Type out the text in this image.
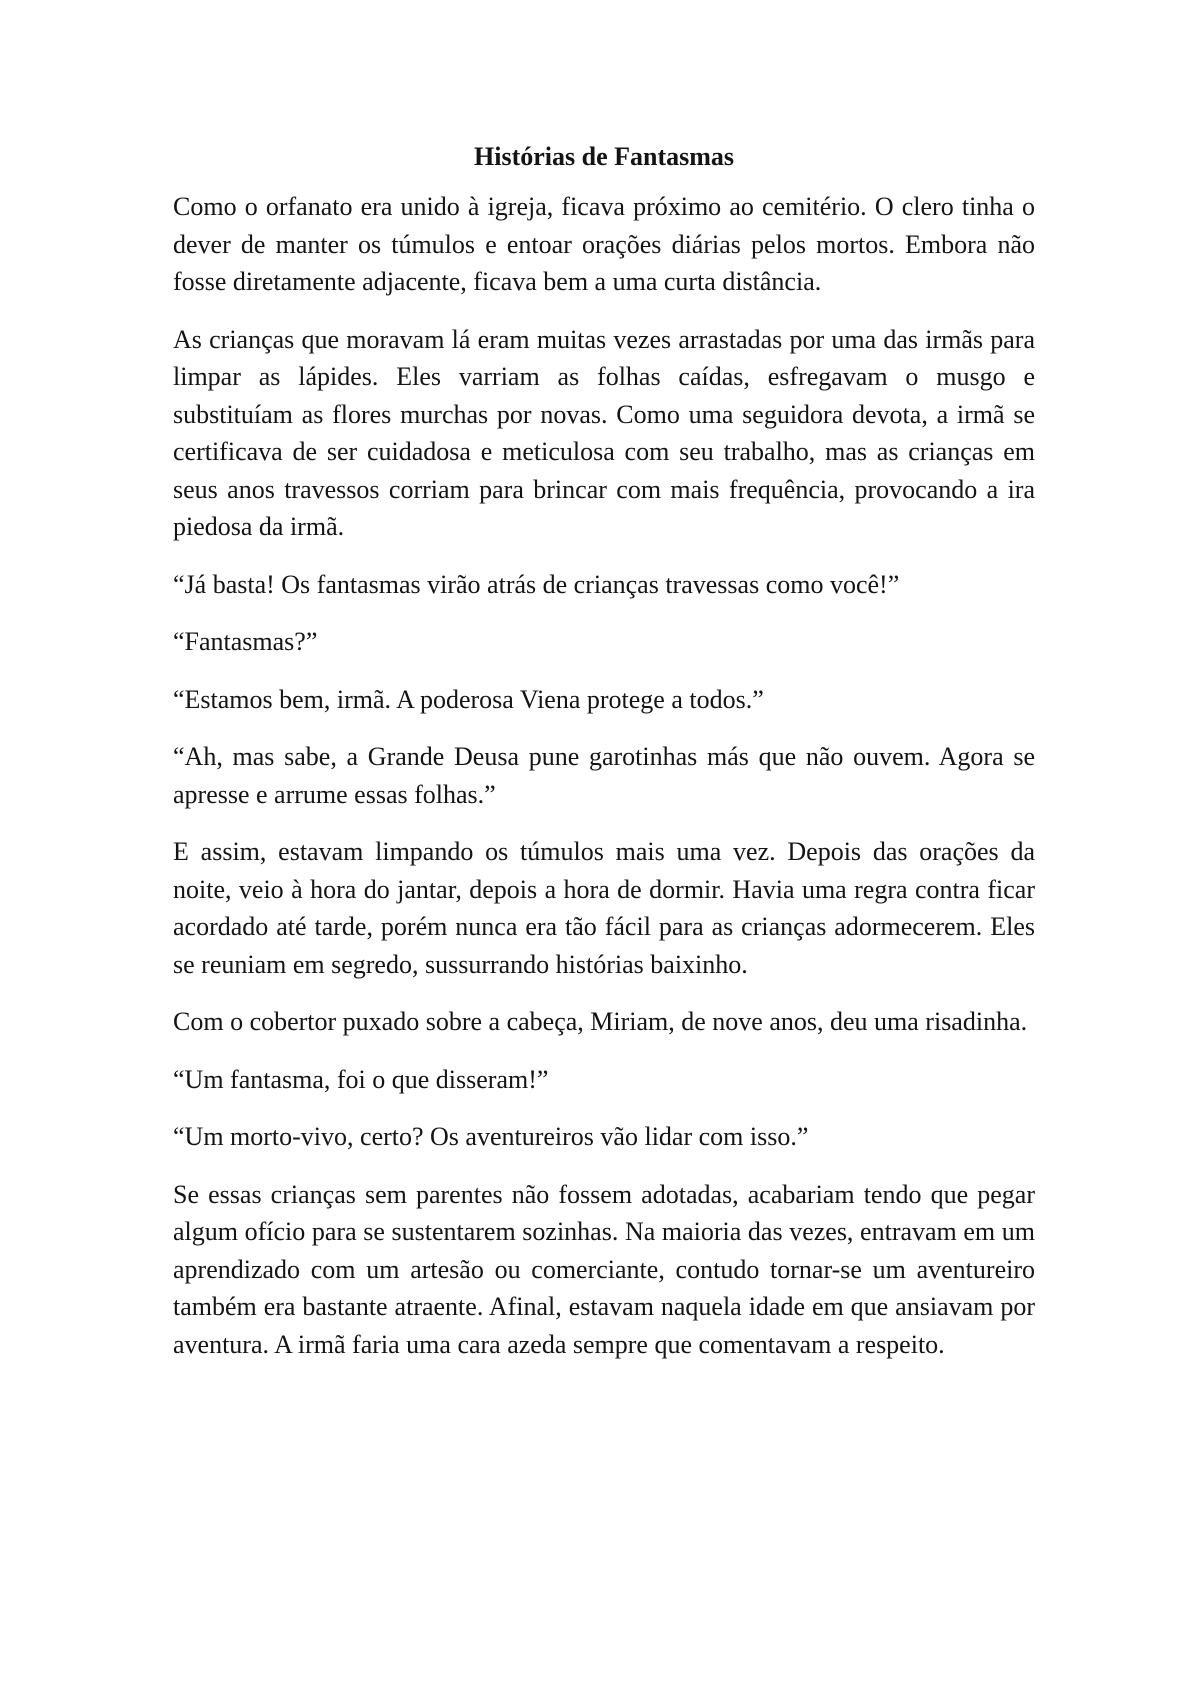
Histórias de Fantasmas

Como o orfanato era unido à igreja, ficava próximo ao cemitério. O clero tinha o dever de manter os túmulos e entoar orações diárias pelos mortos. Embora não fosse diretamente adjacente, ficava bem a uma curta distância.

As crianças que moravam lá eram muitas vezes arrastadas por uma das irmãs para limpar as lápides. Eles varriam as folhas caídas, esfregavam o musgo e substituíam as flores murchas por novas. Como uma seguidora devota, a irmã se certificava de ser cuidadosa e meticulosa com seu trabalho, mas as crianças em seus anos travessos corriam para brincar com mais frequência, provocando a ira piedosa da irmã.

“Já basta! Os fantasmas virão atrás de crianças travessas como você!”

“Fantasmas?”

“Estamos bem, irmã. A poderosa Viena protege a todos.”

“Ah, mas sabe, a Grande Deusa pune garotinhas más que não ouvem. Agora se apresse e arrume essas folhas.”

E assim, estavam limpando os túmulos mais uma vez. Depois das orações da noite, veio à hora do jantar, depois a hora de dormir. Havia uma regra contra ficar acordado até tarde, porém nunca era tão fácil para as crianças adormecerem. Eles se reuniam em segredo, sussurrando histórias baixinho.

Com o cobertor puxado sobre a cabeça, Miriam, de nove anos, deu uma risadinha.

“Um fantasma, foi o que disseram!”

“Um morto-vivo, certo? Os aventureiros vão lidar com isso.”

Se essas crianças sem parentes não fossem adotadas, acabariam tendo que pegar algum ofício para se sustentarem sozinhas. Na maioria das vezes, entravam em um aprendizado com um artesão ou comerciante, contudo tornar-se um aventureiro também era bastante atraente. Afinal, estavam naquela idade em que ansiavam por aventura. A irmã faria uma cara azeda sempre que comentavam a respeito.
